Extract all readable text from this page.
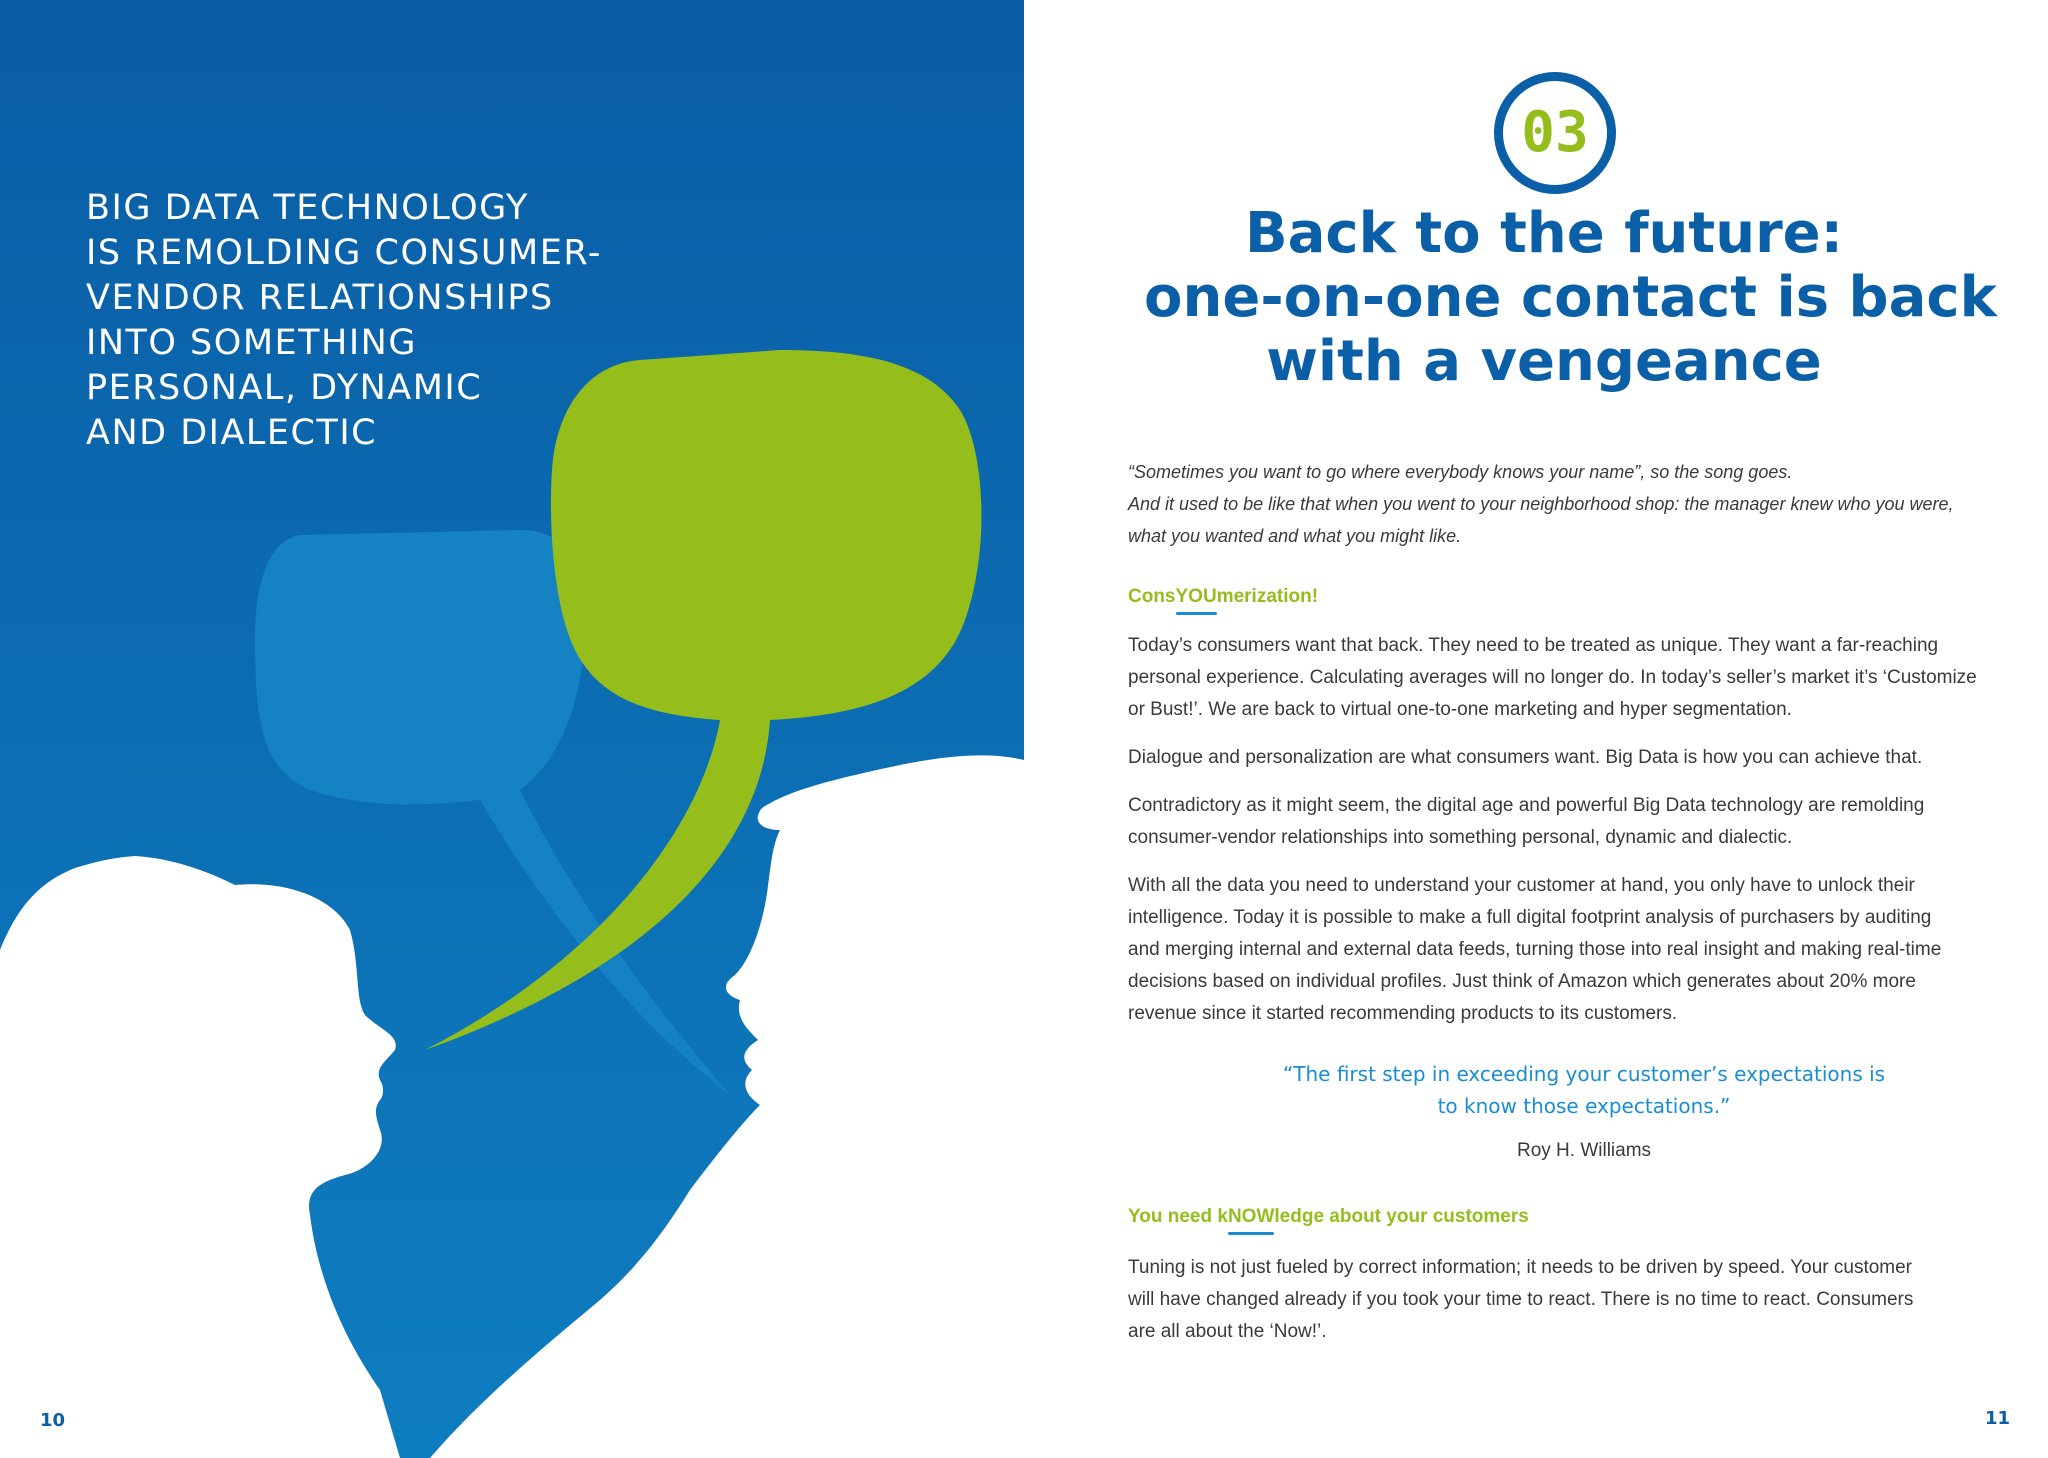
BIG DATA TECHNOLOGY
IS REMOLDING CONSUMER-
VENDOR RELATIONSHIPS
INTO SOMETHING
PERSONAL, DYNAMIC
AND DIALECTIC
10
03
Back to the future:
one-on-one contact is back
with a vengeance
“Sometimes you want to go where everybody knows your name”, so the song goes.
And it used to be like that when you went to your neighborhood shop: the manager knew who you were,
what you wanted and what you might like.
ConsYOUmerization!
Today’s consumers want that back. They need to be treated as unique. They want a far-reaching
personal experience. Calculating averages will no longer do. In today’s seller’s market it’s ‘Customize
or Bust!’. We are back to virtual one-to-one marketing and hyper segmentation.
Dialogue and personalization are what consumers want. Big Data is how you can achieve that.
Contradictory as it might seem, the digital age and powerful Big Data technology are remolding
consumer-vendor relationships into something personal, dynamic and dialectic.
With all the data you need to understand your customer at hand, you only have to unlock their
intelligence. Today it is possible to make a full digital footprint analysis of purchasers by auditing
and merging internal and external data feeds, turning those into real insight and making real-time
decisions based on individual profiles. Just think of Amazon which generates about 20% more
revenue since it started recommending products to its customers.
“The first step in exceeding your customer’s expectations is
to know those expectations.”
Roy H. Williams
You need kNOWledge about your customers
Tuning is not just fueled by correct information; it needs to be driven by speed. Your customer
will have changed already if you took your time to react. There is no time to react. Consumers
are all about the ‘Now!’.
11
